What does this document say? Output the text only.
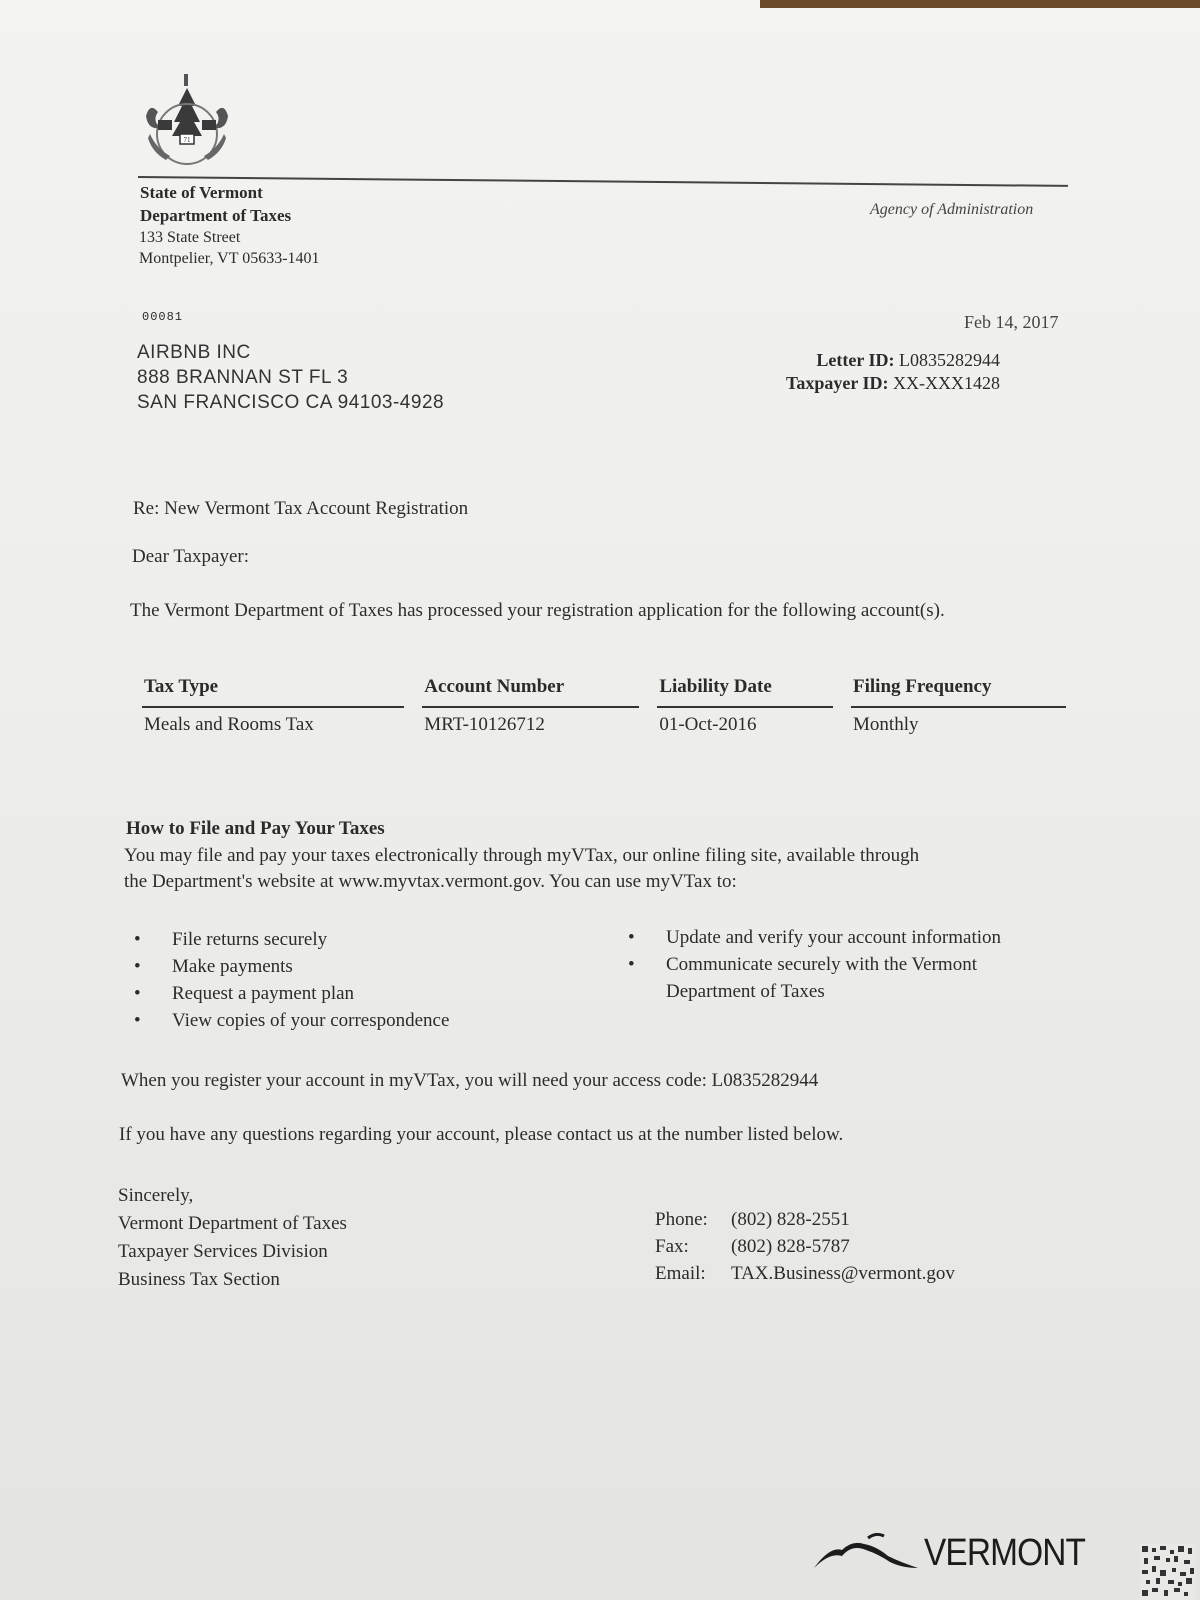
71
State of Vermont
Department of Taxes
133 State Street
Montpelier, VT 05633-1401
Agency of Administration
00081	Feb 14, 2017
AIRBNB INC
888 BRANNAN ST FL 3
SAN FRANCISCO CA 94103-4928
Letter ID: L0835282944
Taxpayer ID: XX-XXX1428
Re: New Vermont Tax Account Registration
Dear Taxpayer:
The Vermont Department of Taxes has processed your registration application for the following account(s).
Tax Type	Account Number	Liability Date	Filing Frequency
Meals and Rooms Tax	MRT-10126712	01-Oct-2016	Monthly
How to File and Pay Your Taxes
You may file and pay your taxes electronically through myVTax, our online filing site, available through
the Department's website at www.myvtax.vermont.gov. You can use myVTax to:
• File returns securely
• Make payments
• Request a payment plan
• View copies of your correspondence
• Update and verify your account information
• Communicate securely with the Vermont Department of Taxes
When you register your account in myVTax, you will need your access code: L0835282944
If you have any questions regarding your account, please contact us at the number listed below.
Sincerely,
Vermont Department of Taxes
Taxpayer Services Division
Business Tax Section
Phone: (802) 828-2551
Fax: (802) 828-5787
Email: TAX.Business@vermont.gov
VERMONT
